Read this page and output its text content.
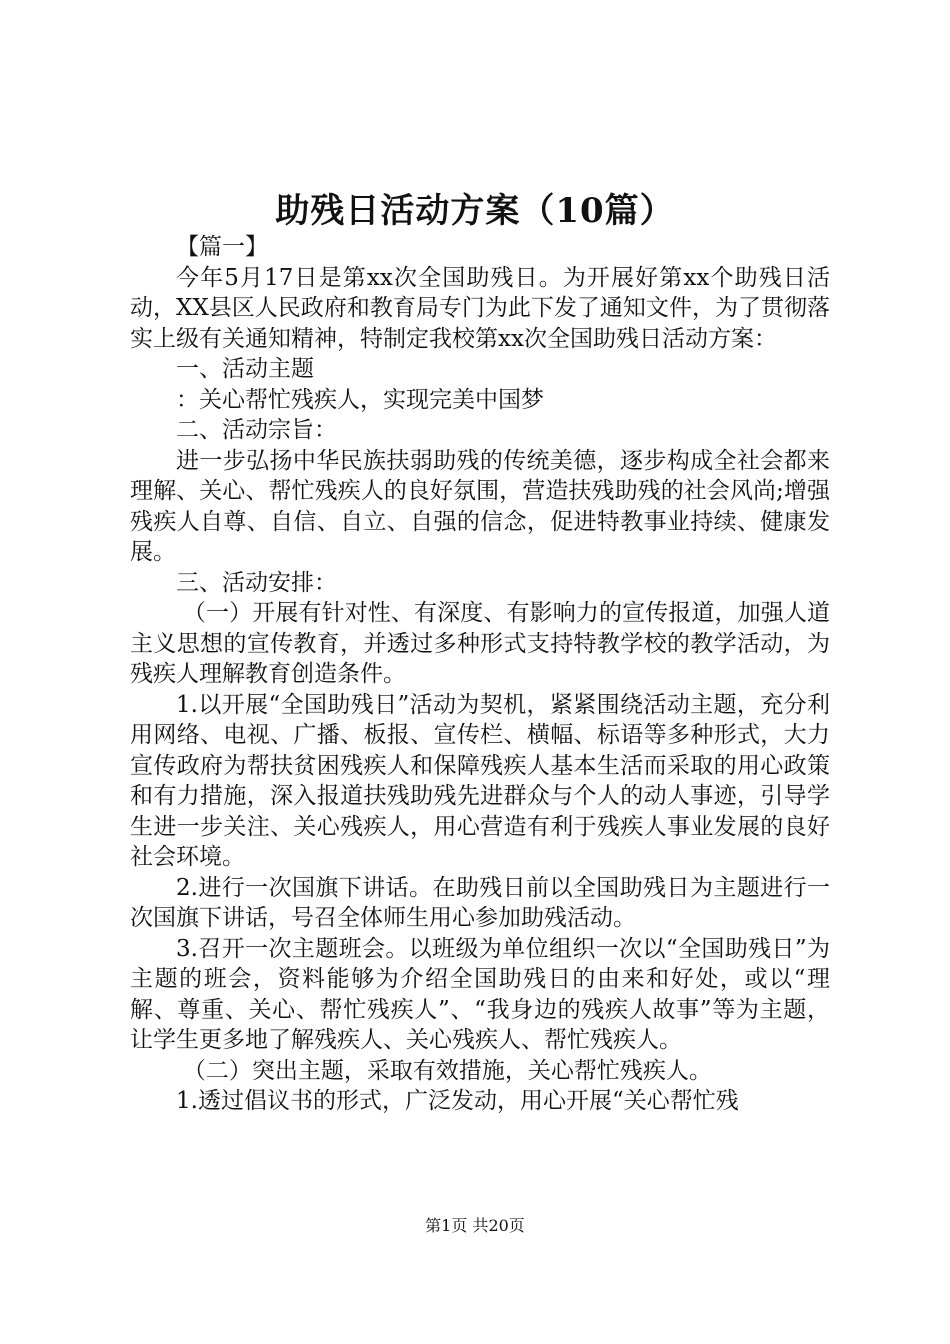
助残日活动方案（10篇）

【篇一】

今年5月17日是第xx次全国助残日。为开展好第xx个助残日活动，XX县区人民政府和教育局专门为此下发了通知文件，为了贯彻落实上级有关通知精神，特制定我校第xx次全国助残日活动方案：

一、活动主题

：关心帮忙残疾人，实现完美中国梦

二、活动宗旨：

进一步弘扬中华民族扶弱助残的传统美德，逐步构成全社会都来理解、关心、帮忙残疾人的良好氛围，营造扶残助残的社会风尚;增强残疾人自尊、自信、自立、自强的信念，促进特教事业持续、健康发展。

三、活动安排：

（一）开展有针对性、有深度、有影响力的宣传报道，加强人道主义思想的宣传教育，并透过多种形式支持特教学校的教学活动，为残疾人理解教育创造条件。

1.以开展“全国助残日”活动为契机，紧紧围绕活动主题，充分利用网络、电视、广播、板报、宣传栏、横幅、标语等多种形式，大力宣传政府为帮扶贫困残疾人和保障残疾人基本生活而采取的用心政策和有力措施，深入报道扶残助残先进群众与个人的动人事迹，引导学生进一步关注、关心残疾人，用心营造有利于残疾人事业发展的良好社会环境。

2.进行一次国旗下讲话。在助残日前以全国助残日为主题进行一次国旗下讲话，号召全体师生用心参加助残活动。

3.召开一次主题班会。以班级为单位组织一次以“全国助残日”为主题的班会，资料能够为介绍全国助残日的由来和好处，或以“理解、尊重、关心、帮忙残疾人”、“我身边的残疾人故事”等为主题，让学生更多地了解残疾人、关心残疾人、帮忙残疾人。

（二）突出主题，采取有效措施，关心帮忙残疾人。

1.透过倡议书的形式，广泛发动，用心开展“关心帮忙残

第1页 共20页
